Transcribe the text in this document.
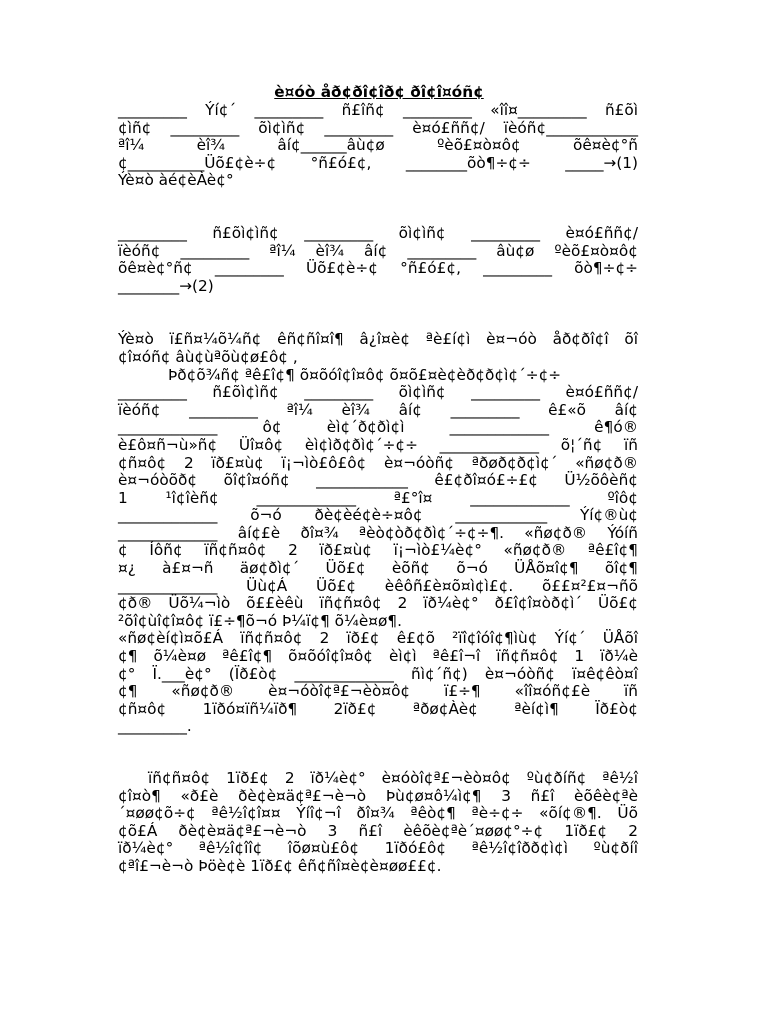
è¤óò åð¢ðî¢îð¢ ðî¢î¤óñ¢
_________ Ýí¢´ _________ ñ£îñ¢ _________ «îî¤_________ ñ£õì
¢ìñ¢ _________ õì¢ìñ¢ _________ è¤ó£ññ¢/ ïèóñ¢____________
ªî¼ èî¾ âí¢______âù¢ø ºèõ£¤ò¤ô¢ õê¤è¢°ñ
¢__________Üõ£¢è÷¢ °ñ£ó£¢, ________õò¶÷¢÷ _____→(1)
Ýè¤ò àé¢èÀè¢°
_________ ñ£õì¢ìñ¢ _________ õì¢ìñ¢ _________ è¤ó£ññ¢/
ïèóñ¢ _________ ªî¼ èî¾ âí¢ _________ âù¢ø ºèõ£¤ò¤ô¢
õê¤è¢°ñ¢ _________ Üõ£¢è÷¢ °ñ£ó£¢, _________ õò¶÷¢÷
________→(2)
Ýè¤ò ï£ñ¤¼õ¼ñ¢ êñ¢ñî¤î¶ â¿î¤è¢ ªè£í¢ì è¤¬óò åð¢ðî¢î õî
¢î¤óñ¢ âù¢ùªõù¢ø£ô¢ ,
Þð¢õ¾ñ¢ ªê£î¢¶ õ¤õóî¢î¤ô¢ õ¤õ£¤è¢èð¢ð¢ì¢´÷¢÷
_________ ñ£õì¢ìñ¢ _________ õì¢ìñ¢ _________ è¤ó£ññ¢/
ïèóñ¢ _________ ªî¼ èî¾ âí¢ _________ ê£«õ âí¢
_____________ ô¢ èì¢´ð¢ðì¢ì _____________ ê¶ó®
è£ô¤ñ¬ù»ñ¢ Üî¤ô¢ èì¢ìð¢ðì¢´÷¢÷ _____________ õ¦´ñ¢ ïñ
¢ñ¤ô¢ 2 ïð£¤ù¢ ï¡¬ìò£ô£ô¢ è¤¬óòñ¢ ªðøð¢ð¢ì¢´ «ñø¢ð®
è¤¬óòõð¢ õî¢î¤óñ¢ ____________ ê£¢ðî¤ó£÷£¢ Ü½õôèñ¢
1 ¹î¢îèñ¢ _____________ ª£°î¤ _____________ ºîô¢
_____________ õ¬ó ðè¢èé¢è÷¤ô¢ ____________ Ýí¢®ù¢
_____________ âí¢£è ðî¤¾ ªèò¢òð¢ðì¢´÷¢÷¶. «ñø¢ð® Ýóíñ
¢ Íôñ¢ ïñ¢ñ¤ô¢ 2 ïð£¤ù¢ ï¡¬ìò£¼è¢° «ñø¢ð® ªê£î¢¶
¤¿ à£¤¬ñ äø¢ðì¢´ Üõ£¢ èõñ¢ õ¬ó ÜÅõ¤î¢¶ õî¢¶
_____________ Üù¢Á Üõ£¢ èêôñ£è¤õ¤ì¢ì£¢. õ££¤²£¤¬ñõ
¢ð® Üõ¼¬ìò õ££èêù ïñ¢ñ¤ô¢ 2 ïð¼è¢° ð£î¢î¤òð¢ì´ Üõ£¢
²õî¢ùî¢î¤ô¢ ï£÷¶õ¬ó Þ¼ï¢¶ õ¼è¤ø¶.
«ñø¢èí¢ì¤õ£Á ïñ¢ñ¤ô¢ 2 ïð£¢ ê£¢õ ²ïî¢îóî¢¶ìù¢ Ýí¢´ ÜÅõî
¢¶ õ¼è¤ø ªê£î¢¶ õ¤õóî¢î¤ô¢ èì¢ì ªê£î¬î ïñ¢ñ¤ô¢ 1 ïð¼è
¢° Ï.___è¢° (Ïð£ò¢ _____________ ñì¢´ñ¢) è¤¬óòñ¢ ï¤ê¢êò¤î
¢¶ «ñø¢ð® è¤¬óòî¢ª£¬èò¤ô¢ ï£÷¶ «îî¤óñ¢£è ïñ
¢ñ¤ô¢ 1ïðó¤ïñ¼ïð¶ 2ïð£¢ ªðø¢Àè¢ ªèí¢ì¶ Ïð£ò¢
_________.
ïñ¢ñ¤ô¢ 1ïð£¢ 2 ïð¼è¢° è¤óòî¢ª£¬èò¤ô¢ ºù¢ðíñ¢ ªê½î
¢î¤ò¶ «ð£è ðè¢è¤ä¢ª£¬è¬ò Þù¢ø¤ô¼ì¢¶ 3 ñ£î èõêè¢ªè
´¤øø¢õ÷¢ ªê½î¢î¤¤ Ýíî¢¬î ðî¤¾ ªêò¢¶ ªè÷¢÷ «õí¢®¶. Üõ
¢õ£Á ðè¢è¤ä¢ª£¬è¬ò 3 ñ£î èêõè¢ªè´¤øø¢°÷¢ 1ïð£¢ 2
ïð¼è¢° ªê½î¢îî¢ îõø¤ù£ô¢ 1ïðó£ô¢ ªê½î¢îðð¢ì¢ì ºù¢ðíî
¢ªî£¬è¬ò Þöè¢è 1ïð£¢ êñ¢ñî¤è¢è¤øø££¢.
